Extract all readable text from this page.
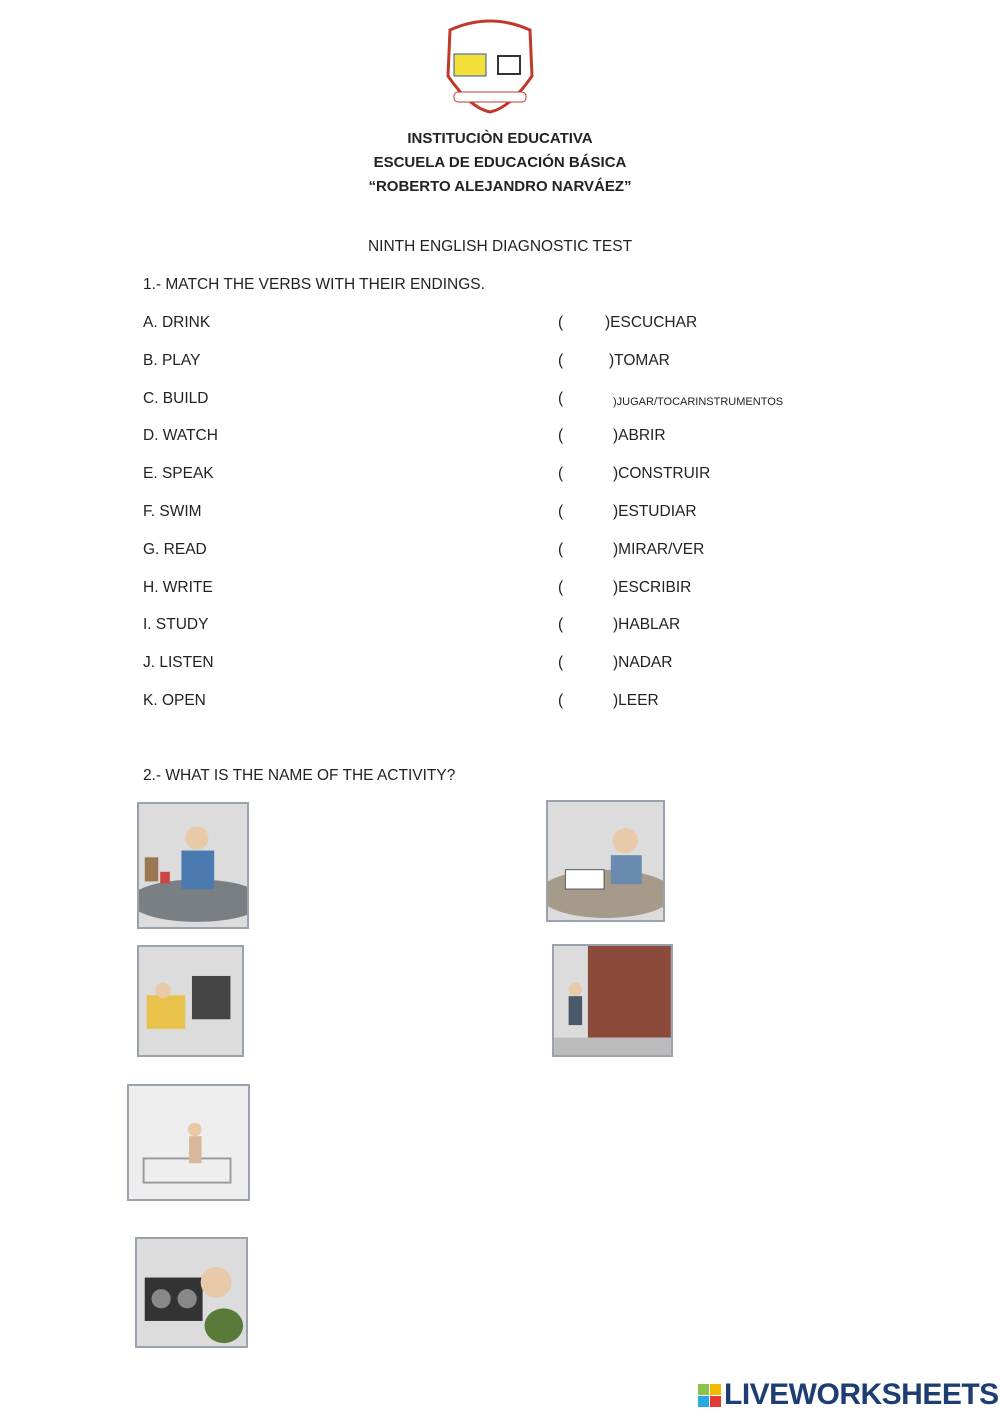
INSTITUCIÒN EDUCATIVA
ESCUELA DE EDUCACIÓN BÁSICA
“ROBERTO ALEJANDRO NARVÁEZ”
NINTH ENGLISH DIAGNOSTIC TEST
1.- MATCH THE VERBS WITH THEIR ENDINGS.
A. DRINK	(	)ESCUCHAR
B. PLAY	(	)TOMAR
C. BUILD	(	)JUGAR/TOCARINSTRUMENTOS
D. WATCH	(	)ABRIR
E. SPEAK	(	)CONSTRUIR
F. SWIM	(	)ESTUDIAR
G. READ	(	)MIRAR/VER
H. WRITE	(	)ESCRIBIR
I. STUDY	(	)HABLAR
J. LISTEN	(	)NADAR
K. OPEN	(	)LEER
2.- WHAT IS THE NAME OF THE ACTIVITY?
LIVEWORKSHEETS
